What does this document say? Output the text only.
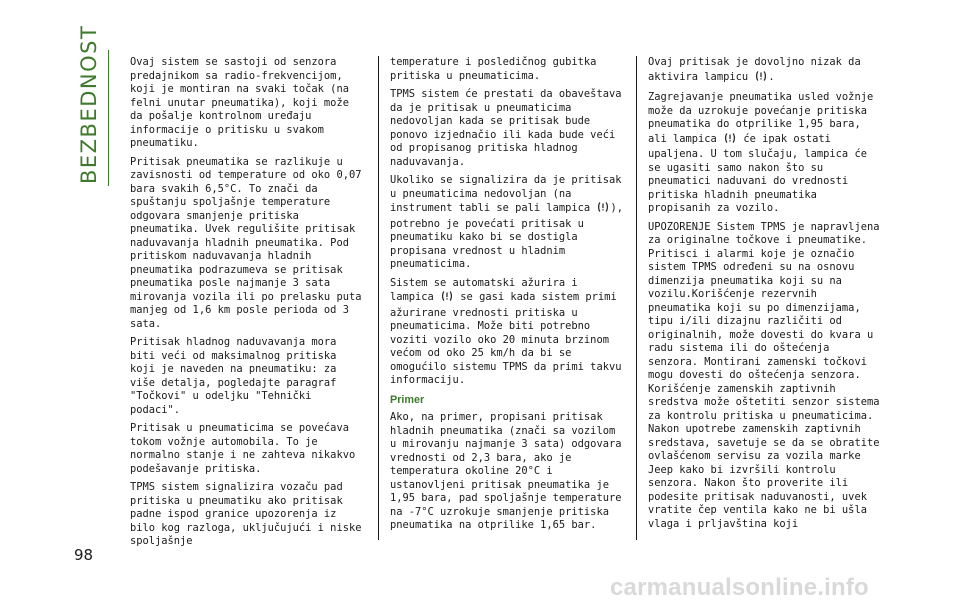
BEZBEDNOST	Ovaj sistem se sastoji od senzora predajnikom sa radio-frekvencijom, koji je montiran na svaki točak (na felni unutar pneumatika), koji može da pošalje kontrolnom uređaju informacije o pritisku u svakom pneumatiku.

Pritisak pneumatika se razlikuje u zavisnosti od temperature od oko 0,07 bara svakih 6,5°C. To znači da spuštanju spoljašnje temperature odgovara smanjenje pritiska pneumatika. Uvek regulišite pritisak naduvavanja hladnih pneumatika. Pod pritiskom naduvavanja hladnih pneumatika podrazumeva se pritisak pneumatika posle najmanje 3 sata mirovanja vozila ili po prelasku puta manjeg od 1,6 km posle perioda od 3 sata.

Pritisak hladnog naduvavanja mora biti veći od maksimalnog pritiska koji je naveden na pneumatiku: za više detalja, pogledajte paragraf "Točkovi" u odeljku "Tehnički podaci".

Pritisak u pneumaticima se povećava tokom vožnje automobila. To je normalno stanje i ne zahteva nikakvo podešavanje pritiska.

TPMS sistem signalizira vozaču pad pritiska u pneumatiku ako pritisak padne ispod granice upozorenja iz bilo kog razloga, uključujući i niske spoljašnje

temperature i posledičnog gubitka pritiska u pneumaticima.

TPMS sistem će prestati da obaveštava da je pritisak u pneumaticima nedovoljan kada se pritisak bude ponovo izjednačio ili kada bude veći od propisanog pritiska hladnog naduvavanja.

Ukoliko se signalizira da je pritisak u pneumaticima nedovoljan (na instrument tabli se pali lampica ), potrebno je povećati pritisak u pneumatiku kako bi se dostigla propisana vrednost u hladnim pneumaticima.

Sistem se automatski ažurira i lampica  se gasi kada sistem primi ažurirane vrednosti pritiska u pneumaticima. Može biti potrebno voziti vozilo oko 20 minuta brzinom većom od oko 25 km/h da bi se omogućilo sistemu TPMS da primi takvu informaciju.

Primer

Ako, na primer, propisani pritisak hladnih pneumatika (znači sa vozilom u mirovanju najmanje 3 sata) odgovara vrednosti od 2,3 bara, ako je temperatura okoline 20°C i ustanovljeni pritisak pneumatika je 1,95 bara, pad spoljašnje temperature na -7°C uzrokuje smanjenje pritiska pneumatika na otprilike 1,65 bar.

Ovaj pritisak je dovoljno nizak da aktivira lampicu .

Zagrejavanje pneumatika usled vožnje može da uzrokuje povećanje pritiska pneumatika do otprilike 1,95 bara, ali lampica  će ipak ostati upaljena. U tom slučaju, lampica će se ugasiti samo nakon što su pneumatici naduvani do vrednosti pritiska hladnih pneumatika propisanih za vozilo.

UPOZORENJE Sistem TPMS je napravljena za originalne točkove i pneumatike. Pritisci i alarmi koje je označio sistem TPMS određeni su na osnovu dimenzija pneumatika koji su na vozilu.Korišćenje rezervnih pneumatika koji su po dimenzijama, tipu i/ili dizajnu različiti od originalnih, može dovesti do kvara u radu sistema ili do oštećenja senzora. Montirani zamenski točkovi mogu dovesti do oštećenja senzora. Korišćenje zamenskih zaptivnih sredstva može oštetiti senzor sistema za kontrolu pritiska u pneumaticima. Nakon upotrebe zamenskih zaptivnih sredstava, savetuje se da se obratite ovlašćenom servisu za vozila marke Jeep kako bi izvršili kontrolu senzora. Nakon što proverite ili podesite pritisak naduvanosti, uvek vratite čep ventila kako ne bi ušla vlaga i prljavština koji

98
carmanualsonline.info
